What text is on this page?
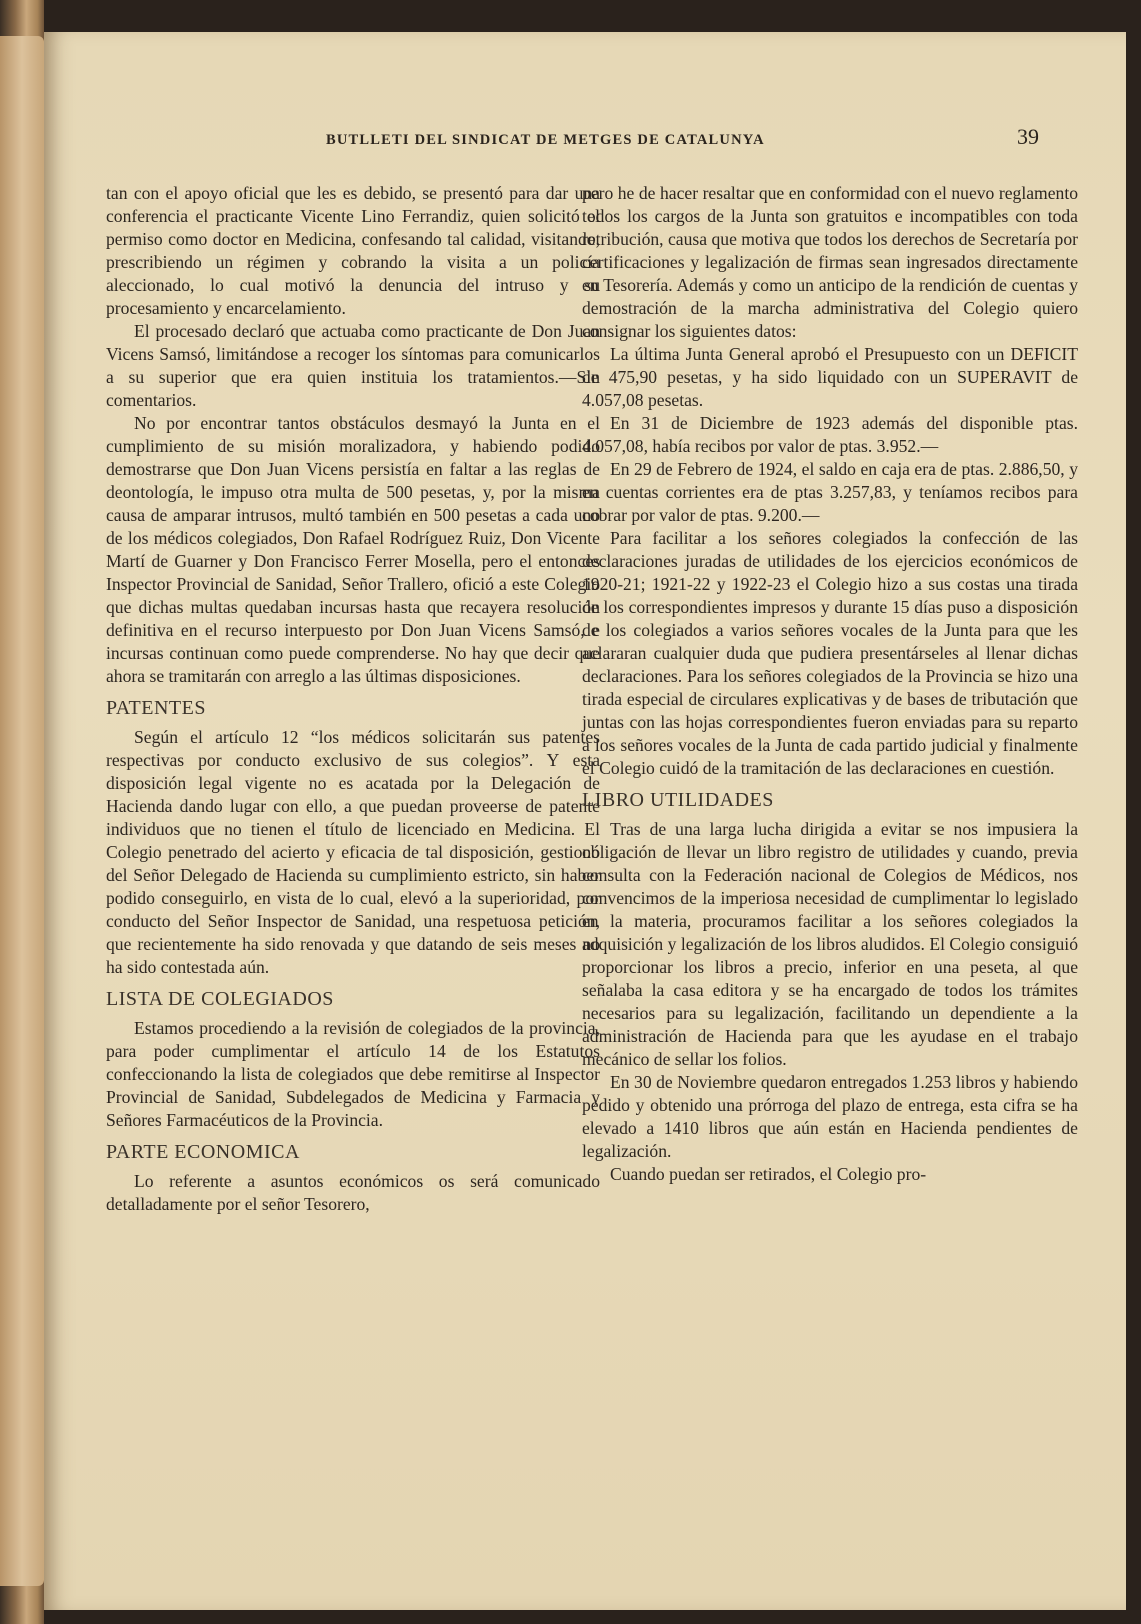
BUTLLETI DEL SINDICAT DE METGES DE CATALUNYA	39

tan con el apoyo oficial que les es debido, se presentó para dar una conferencia el practicante Vicente Lino Ferrandiz, quien solicitó el permiso como doctor en Medicina, confesando tal calidad, visitando, prescribiendo un régimen y cobrando la visita a un policía aleccionado, lo cual motivó la denuncia del intruso y su procesamiento y encarcelamiento.

El procesado declaró que actuaba como practicante de Don Juan Vicens Samsó, limitándose a recoger los síntomas para comunicarlos a su superior que era quien instituia los tratamientos.—Sin comentarios.

No por encontrar tantos obstáculos desmayó la Junta en el cumplimiento de su misión moralizadora, y habiendo podido demostrarse que Don Juan Vicens persistía en faltar a las reglas de deontología, le impuso otra multa de 500 pesetas, y, por la misma causa de amparar intrusos, multó también en 500 pesetas a cada uno de los médicos colegiados, Don Rafael Rodríguez Ruiz, Don Vicente Martí de Guarner y Don Francisco Ferrer Mosella, pero el entonces Inspector Provincial de Sanidad, Señor Trallero, ofició a este Colegio que dichas multas quedaban incursas hasta que recayera resolución definitiva en el recurso interpuesto por Don Juan Vicens Samsó, e incursas continuan como puede comprenderse. No hay que decir que ahora se tramitarán con arreglo a las últimas disposiciones.

PATENTES

Según el artículo 12 “los médicos solicitarán sus patentes respectivas por conducto exclusivo de sus colegios”. Y esta disposición legal vigente no es acatada por la Delegación de Hacienda dando lugar con ello, a que puedan proveerse de patente individuos que no tienen el título de licenciado en Medicina. El Colegio penetrado del acierto y eficacia de tal disposición, gestionó del Señor Delegado de Hacienda su cumplimiento estricto, sin haber podido conseguirlo, en vista de lo cual, elevó a la superioridad, por conducto del Señor Inspector de Sanidad, una respetuosa petición, que recientemente ha sido renovada y que datando de seis meses no ha sido contestada aún.

LISTA DE COLEGIADOS

Estamos procediendo a la revisión de colegiados de la provincia, para poder cumplimentar el artículo 14 de los Estatutos confeccionando la lista de colegiados que debe remitirse al Inspector Provincial de Sanidad, Subdelegados de Medicina y Farmacia y Señores Farmacéuticos de la Provincia.

PARTE ECONOMICA

Lo referente a asuntos económicos os será comunicado detalladamente por el señor Tesorero,

pero he de hacer resaltar que en conformidad con el nuevo reglamento todos los cargos de la Junta son gratuitos e incompatibles con toda retribución, causa que motiva que todos los derechos de Secretaría por certificaciones y legalización de firmas sean ingresados directamente en Tesorería. Además y como un anticipo de la rendición de cuentas y demostración de la marcha administrativa del Colegio quiero consignar los siguientes datos:

La última Junta General aprobó el Presupuesto con un DEFICIT de 475,90 pesetas, y ha sido liquidado con un SUPERAVIT de 4.057,08 pesetas.

En 31 de Diciembre de 1923 además del disponible ptas. 4.057,08, había recibos por valor de ptas. 3.952.—

En 29 de Febrero de 1924, el saldo en caja era de ptas. 2.886,50, y en cuentas corrientes era de ptas 3.257,83, y teníamos recibos para cobrar por valor de ptas. 9.200.—

Para facilitar a los señores colegiados la confección de las declaraciones juradas de utilidades de los ejercicios económicos de 1920-21; 1921-22 y 1922-23 el Colegio hizo a sus costas una tirada de los correspondientes impresos y durante 15 días puso a disposición de los colegiados a varios señores vocales de la Junta para que les aclararan cualquier duda que pudiera presentárseles al llenar dichas declaraciones. Para los señores colegiados de la Provincia se hizo una tirada especial de circulares explicativas y de bases de tributación que juntas con las hojas correspondientes fueron enviadas para su reparto a los señores vocales de la Junta de cada partido judicial y finalmente el Colegio cuidó de la tramitación de las declaraciones en cuestión.

LIBRO UTILIDADES

Tras de una larga lucha dirigida a evitar se nos impusiera la obligación de llevar un libro registro de utilidades y cuando, previa consulta con la Federación nacional de Colegios de Médicos, nos convencimos de la imperiosa necesidad de cumplimentar lo legislado en la materia, procuramos facilitar a los señores colegiados la adquisición y legalización de los libros aludidos. El Colegio consiguió proporcionar los libros a precio, inferior en una peseta, al que señalaba la casa editora y se ha encargado de todos los trámites necesarios para su legalización, facilitando un dependiente a la administración de Hacienda para que les ayudase en el trabajo mecánico de sellar los folios.

En 30 de Noviembre quedaron entregados 1.253 libros y habiendo pedido y obtenido una prórroga del plazo de entrega, esta cifra se ha elevado a 1410 libros que aún están en Hacienda pendientes de legalización.

Cuando puedan ser retirados, el Colegio pro-
